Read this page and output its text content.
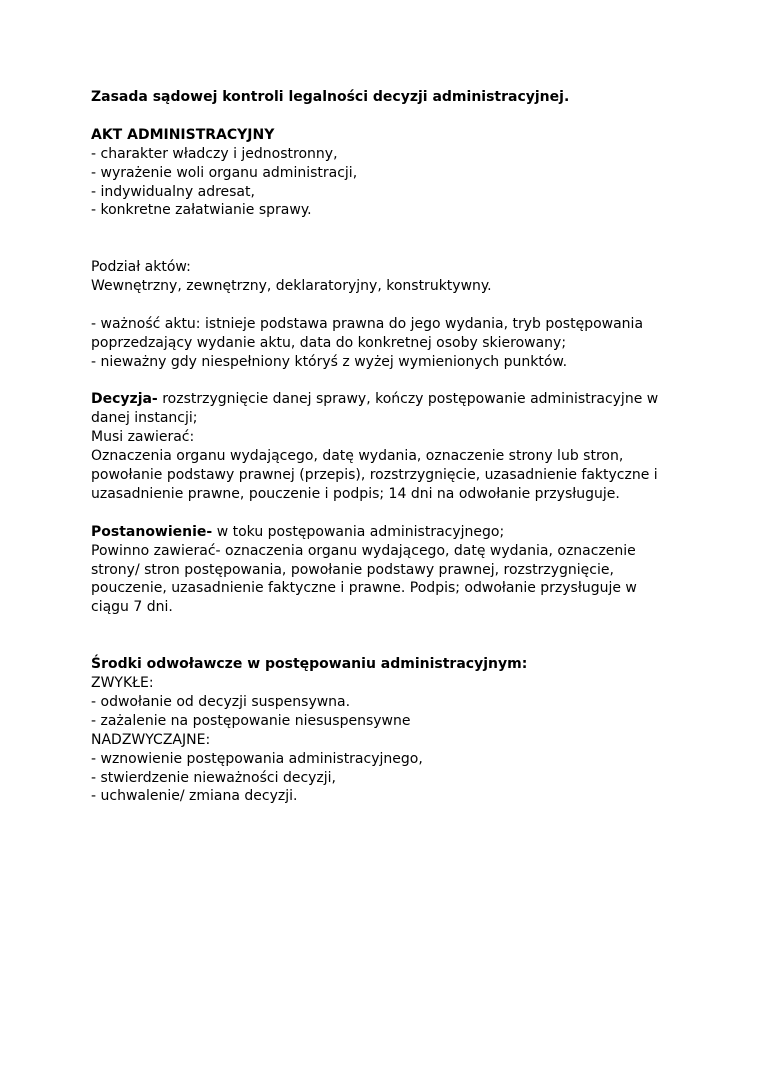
Zasada sądowej kontroli legalności decyzji administracyjnej.
AKT ADMINISTRACYJNY
- charakter władczy i jednostronny,
- wyrażenie woli organu administracji,
- indywidualny adresat,
- konkretne załatwianie sprawy.
Podział aktów:
Wewnętrzny, zewnętrzny, deklaratoryjny, konstruktywny.
- ważność aktu: istnieje podstawa prawna do jego wydania, tryb postępowania
poprzedzający wydanie aktu, data do konkretnej osoby skierowany;
- nieważny gdy niespełniony któryś z wyżej wymienionych punktów.
Decyzja- rozstrzygnięcie danej sprawy, kończy postępowanie administracyjne w
danej instancji;
Musi zawierać:
Oznaczenia organu wydającego, datę wydania, oznaczenie strony lub stron,
powołanie podstawy prawnej (przepis), rozstrzygnięcie, uzasadnienie faktyczne i
uzasadnienie prawne, pouczenie i podpis; 14 dni na odwołanie przysługuje.
Postanowienie- w toku postępowania administracyjnego;
Powinno zawierać- oznaczenia organu wydającego, datę wydania, oznaczenie
strony/ stron postępowania, powołanie podstawy prawnej, rozstrzygnięcie,
pouczenie, uzasadnienie faktyczne i prawne. Podpis; odwołanie przysługuje w
ciągu 7 dni.
Środki odwoławcze w postępowaniu administracyjnym:
ZWYKŁE:
- odwołanie od decyzji suspensywna.
- zażalenie na postępowanie niesuspensywne
NADZWYCZAJNE:
- wznowienie postępowania administracyjnego,
- stwierdzenie nieważności decyzji,
- uchwalenie/ zmiana decyzji.
